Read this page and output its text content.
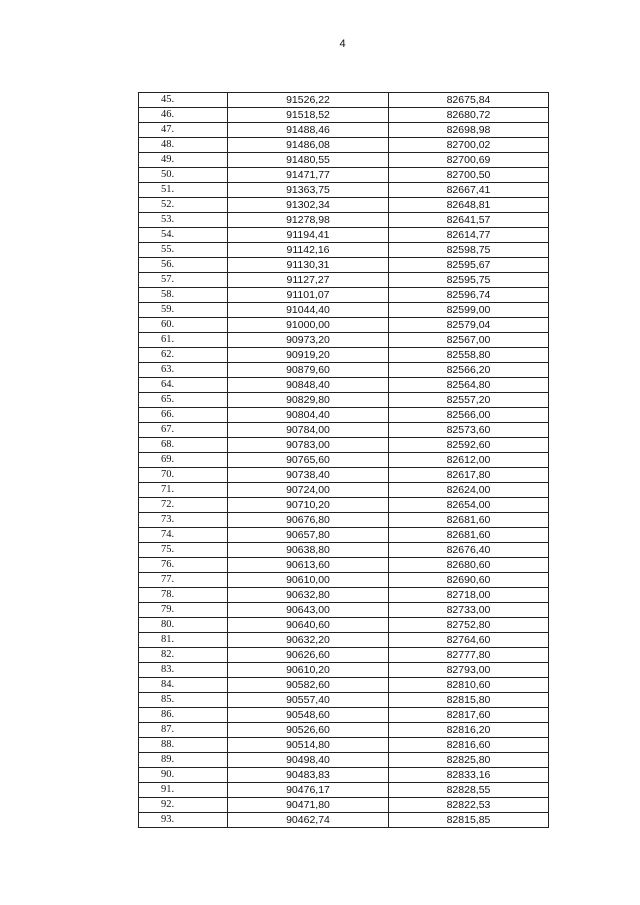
4
45.	91526,22	82675,84
46.	91518,52	82680,72
47.	91488,46	82698,98
48.	91486,08	82700,02
49.	91480,55	82700,69
50.	91471,77	82700,50
51.	91363,75	82667,41
52.	91302,34	82648,81
53.	91278,98	82641,57
54.	91194,41	82614,77
55.	91142,16	82598,75
56.	91130,31	82595,67
57.	91127,27	82595,75
58.	91101,07	82596,74
59.	91044,40	82599,00
60.	91000,00	82579,04
61.	90973,20	82567,00
62.	90919,20	82558,80
63.	90879,60	82566,20
64.	90848,40	82564,80
65.	90829,80	82557,20
66.	90804,40	82566,00
67.	90784,00	82573,60
68.	90783,00	82592,60
69.	90765,60	82612,00
70.	90738,40	82617,80
71.	90724,00	82624,00
72.	90710,20	82654,00
73.	90676,80	82681,60
74.	90657,80	82681,60
75.	90638,80	82676,40
76.	90613,60	82680,60
77.	90610,00	82690,60
78.	90632,80	82718,00
79.	90643,00	82733,00
80.	90640,60	82752,80
81.	90632,20	82764,60
82.	90626,60	82777,80
83.	90610,20	82793,00
84.	90582,60	82810,60
85.	90557,40	82815,80
86.	90548,60	82817,60
87.	90526,60	82816,20
88.	90514,80	82816,60
89.	90498,40	82825,80
90.	90483,83	82833,16
91.	90476,17	82828,55
92.	90471,80	82822,53
93.	90462,74	82815,85
